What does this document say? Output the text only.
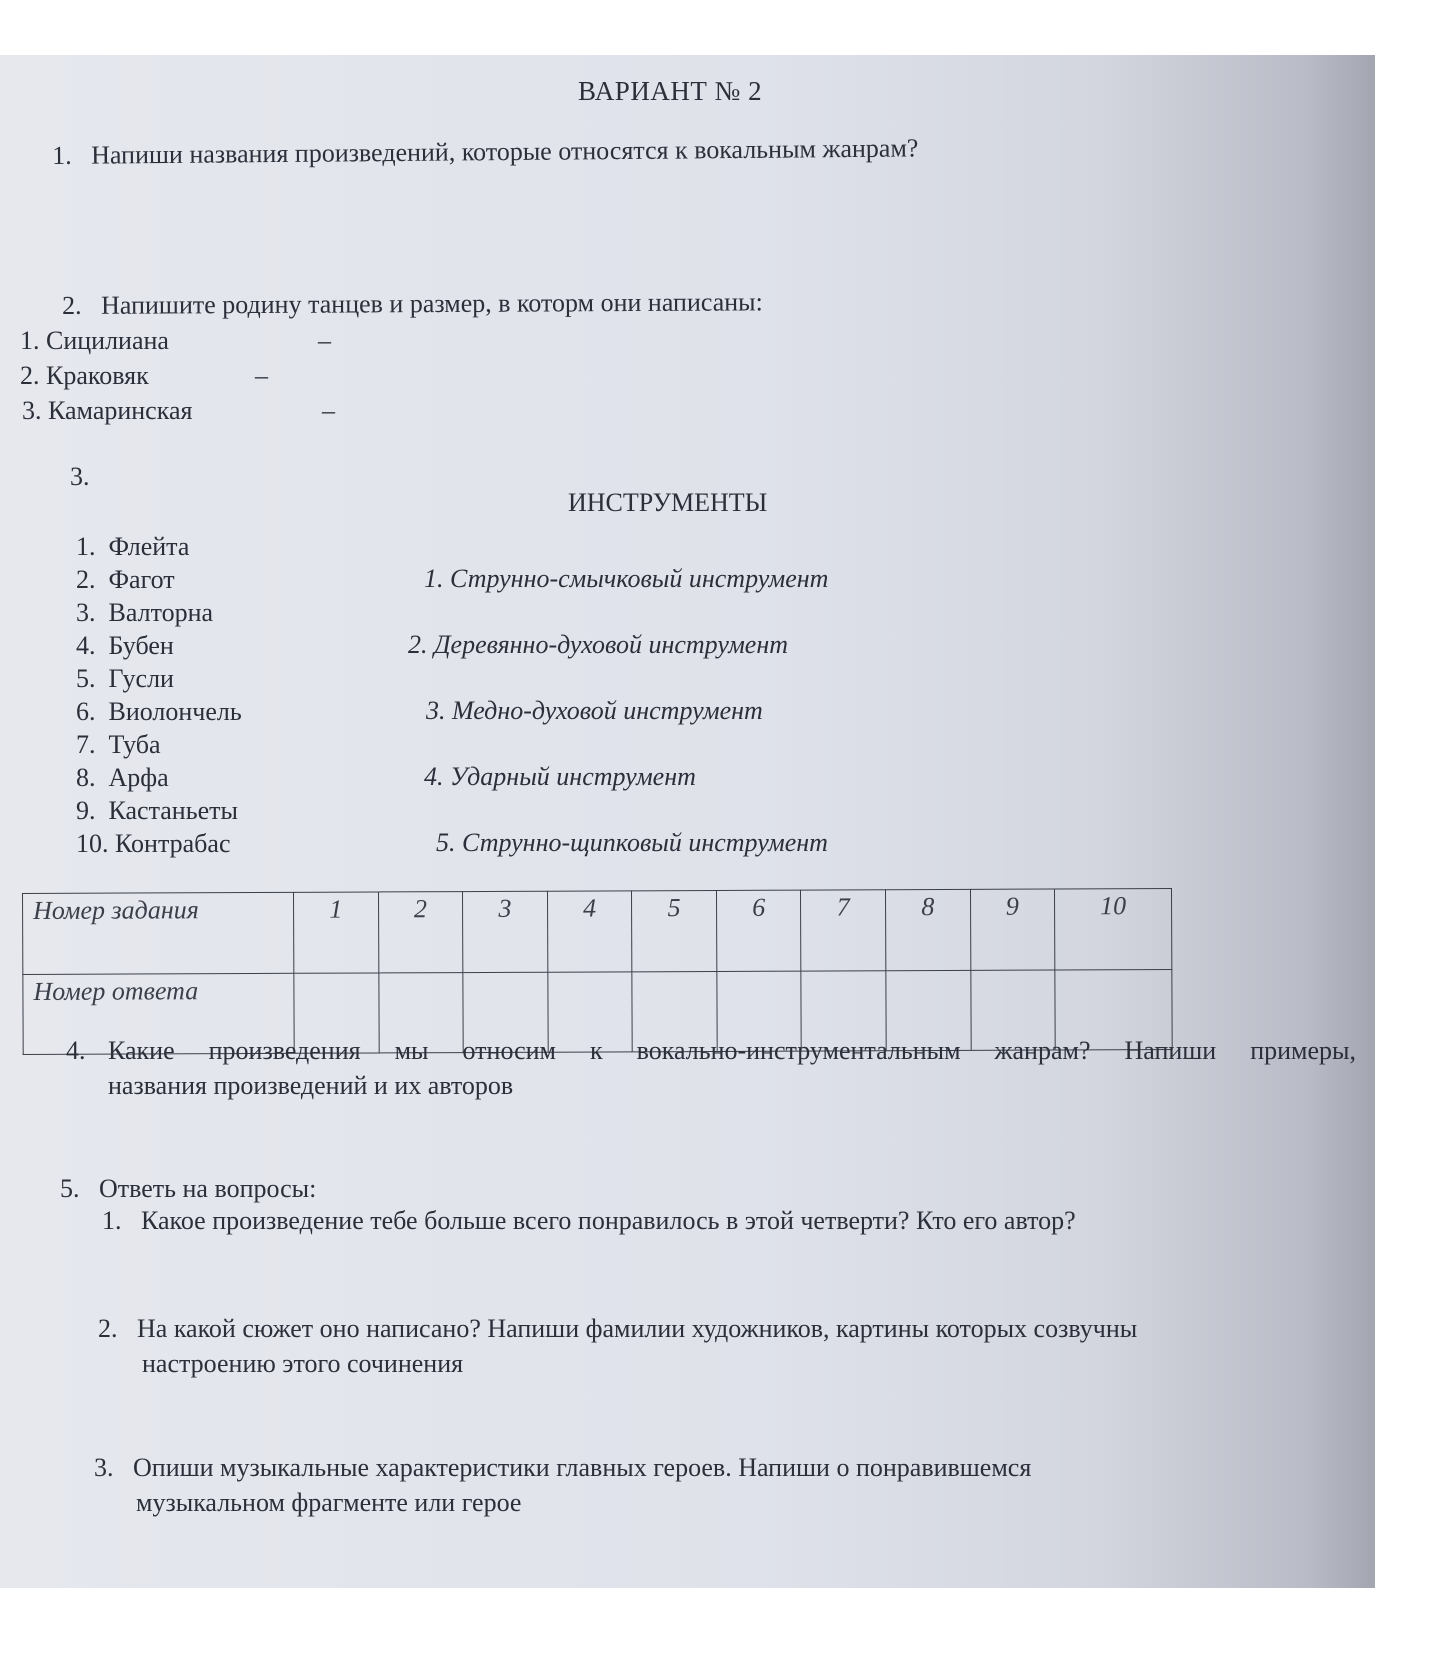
ВАРИАНТ № 2
1. Напиши названия произведений, которые относятся к вокальным жанрам?
2. Напишите родину танцев и размер, в которм они написаны:
1. Сицилиана	–
2. Краковяк	–
3. Камаринская	–
3.
ИНСТРУМЕНТЫ
1. Флейта
2. Фагот
3. Валторна
4. Бубен
5. Гусли
6. Виолончель
7. Туба
8. Арфа
9. Кастаньеты
10. Контрабас
1. Струнно-смычковый инструмент
2. Деревянно-духовой инструмент
3. Медно-духовой инструмент
4. Ударный инструмент
5. Струнно-щипковый инструмент
Номер задания	1	2	3	4	5	6	7	8	9	10
Номер ответа										
4. Какие произведения мы относим к вокально-инструментальным жанрам? Напиши примеры,
названия произведений и их авторов
5. Ответь на вопросы:
1. Какое произведение тебе больше всего понравилось в этой четверти? Кто его автор?
2. На какой сюжет оно написано? Напиши фамилии художников, картины которых созвучны
настроению этого сочинения
3. Опиши музыкальные характеристики главных героев. Напиши о понравившемся
музыкальном фрагменте или герое
